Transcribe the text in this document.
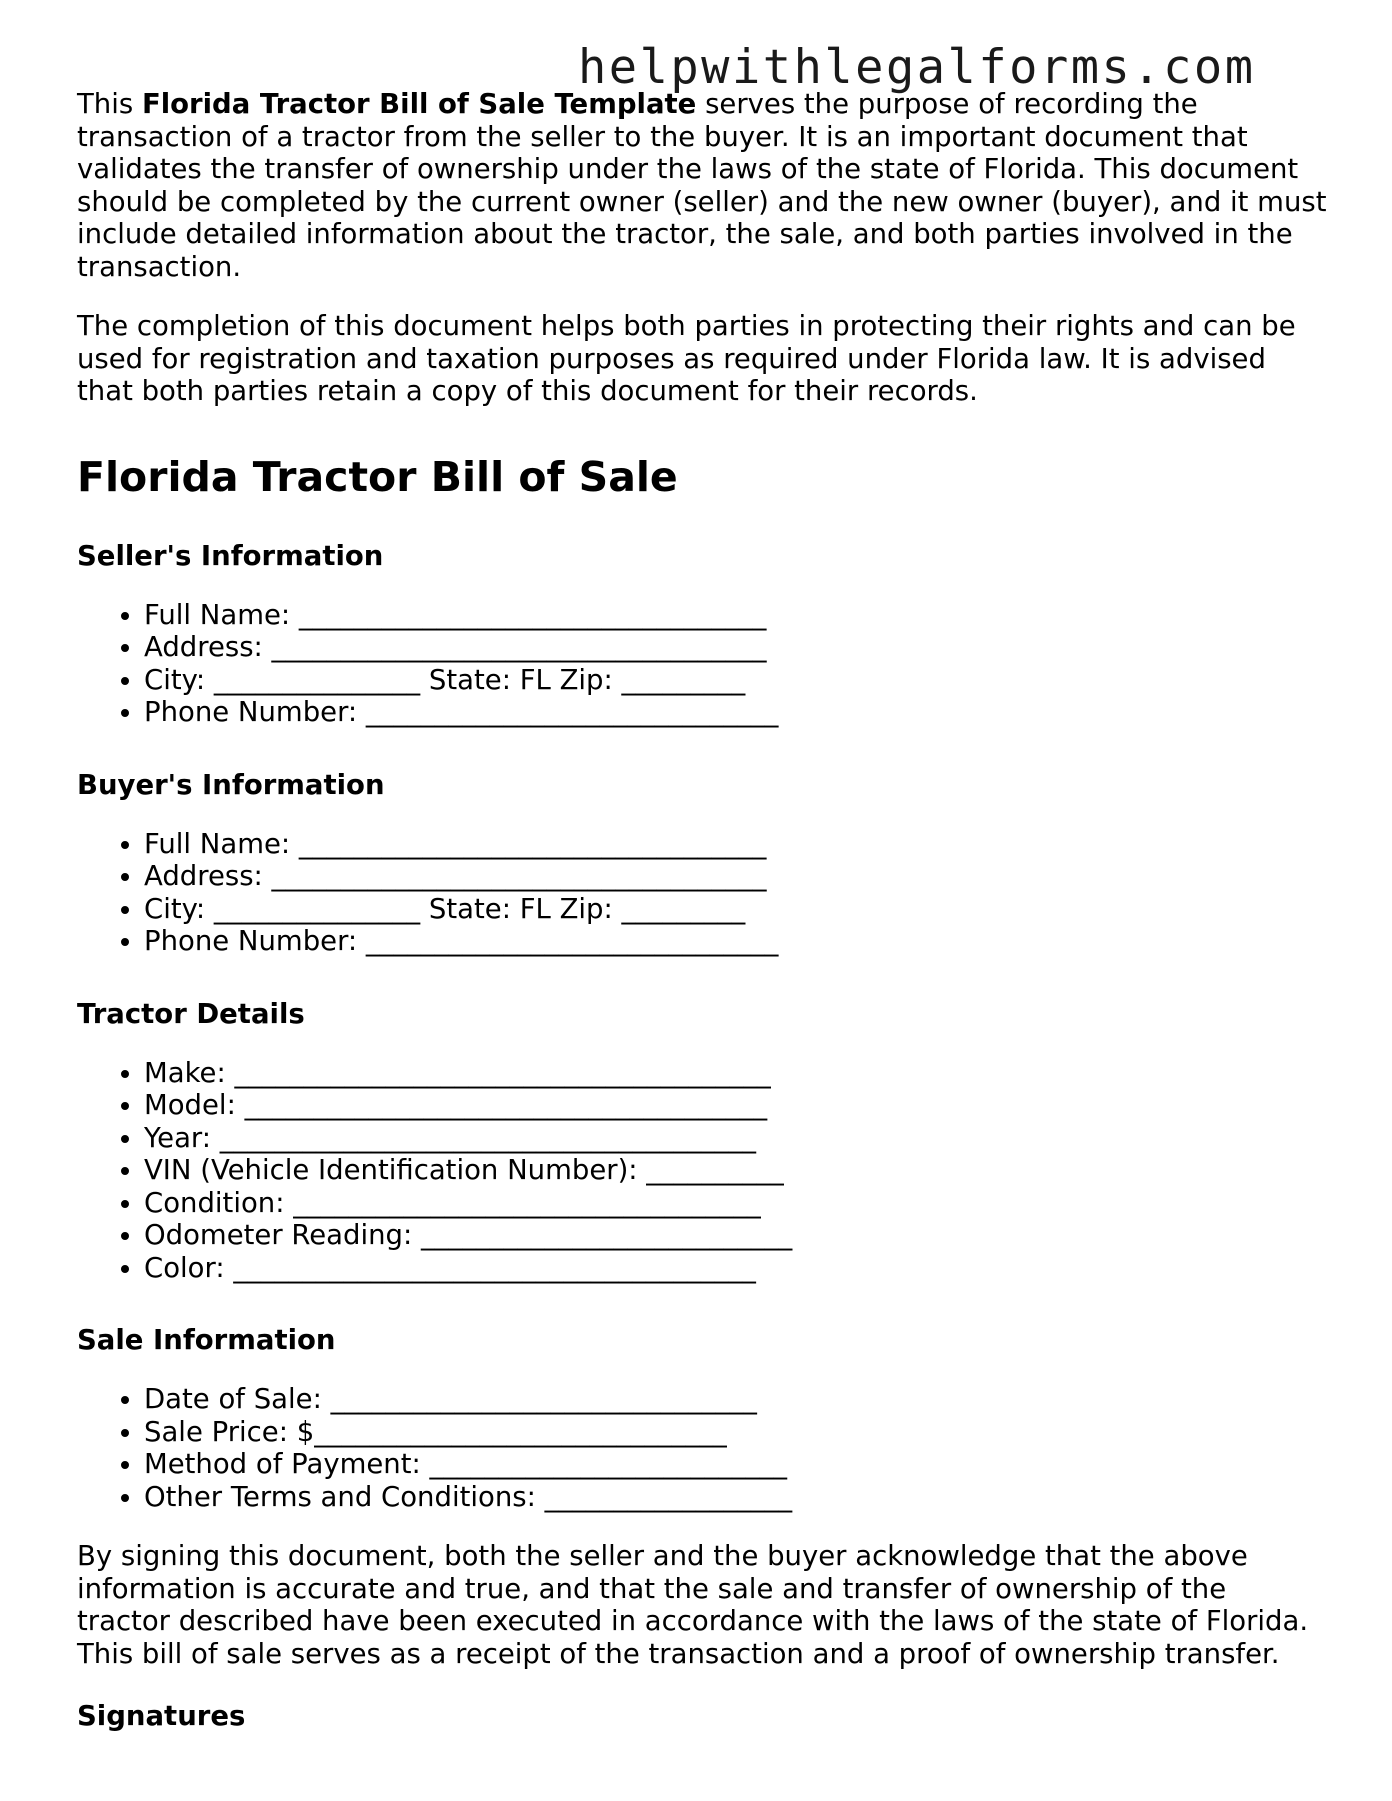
helpwithlegalforms.com

This Florida Tractor Bill of Sale Template serves the purpose of recording the transaction of a tractor from the seller to the buyer. It is an important document that validates the transfer of ownership under the laws of the state of Florida. This document should be completed by the current owner (seller) and the new owner (buyer), and it must include detailed information about the tractor, the sale, and both parties involved in the transaction.

The completion of this document helps both parties in protecting their rights and can be used for registration and taxation purposes as required under Florida law. It is advised that both parties retain a copy of this document for their records.

Florida Tractor Bill of Sale
Seller's Information
• Full Name: __________________________________
• Address: ____________________________________
• City: _______________ State: FL Zip: _________
• Phone Number: ______________________________
Buyer's Information
• Full Name: __________________________________
• Address: ____________________________________
• City: _______________ State: FL Zip: _________
• Phone Number: ______________________________
Tractor Details
• Make: _______________________________________
• Model: ______________________________________
• Year: _______________________________________
• VIN (Vehicle Identification Number): __________
• Condition: __________________________________
• Odometer Reading: ___________________________
• Color: ______________________________________
Sale Information
• Date of Sale: _______________________________
• Sale Price: $______________________________
• Method of Payment: __________________________
• Other Terms and Conditions: __________________

By signing this document, both the seller and the buyer acknowledge that the above information is accurate and true, and that the sale and transfer of ownership of the tractor described have been executed in accordance with the laws of the state of Florida. This bill of sale serves as a receipt of the transaction and a proof of ownership transfer.

Signatures
